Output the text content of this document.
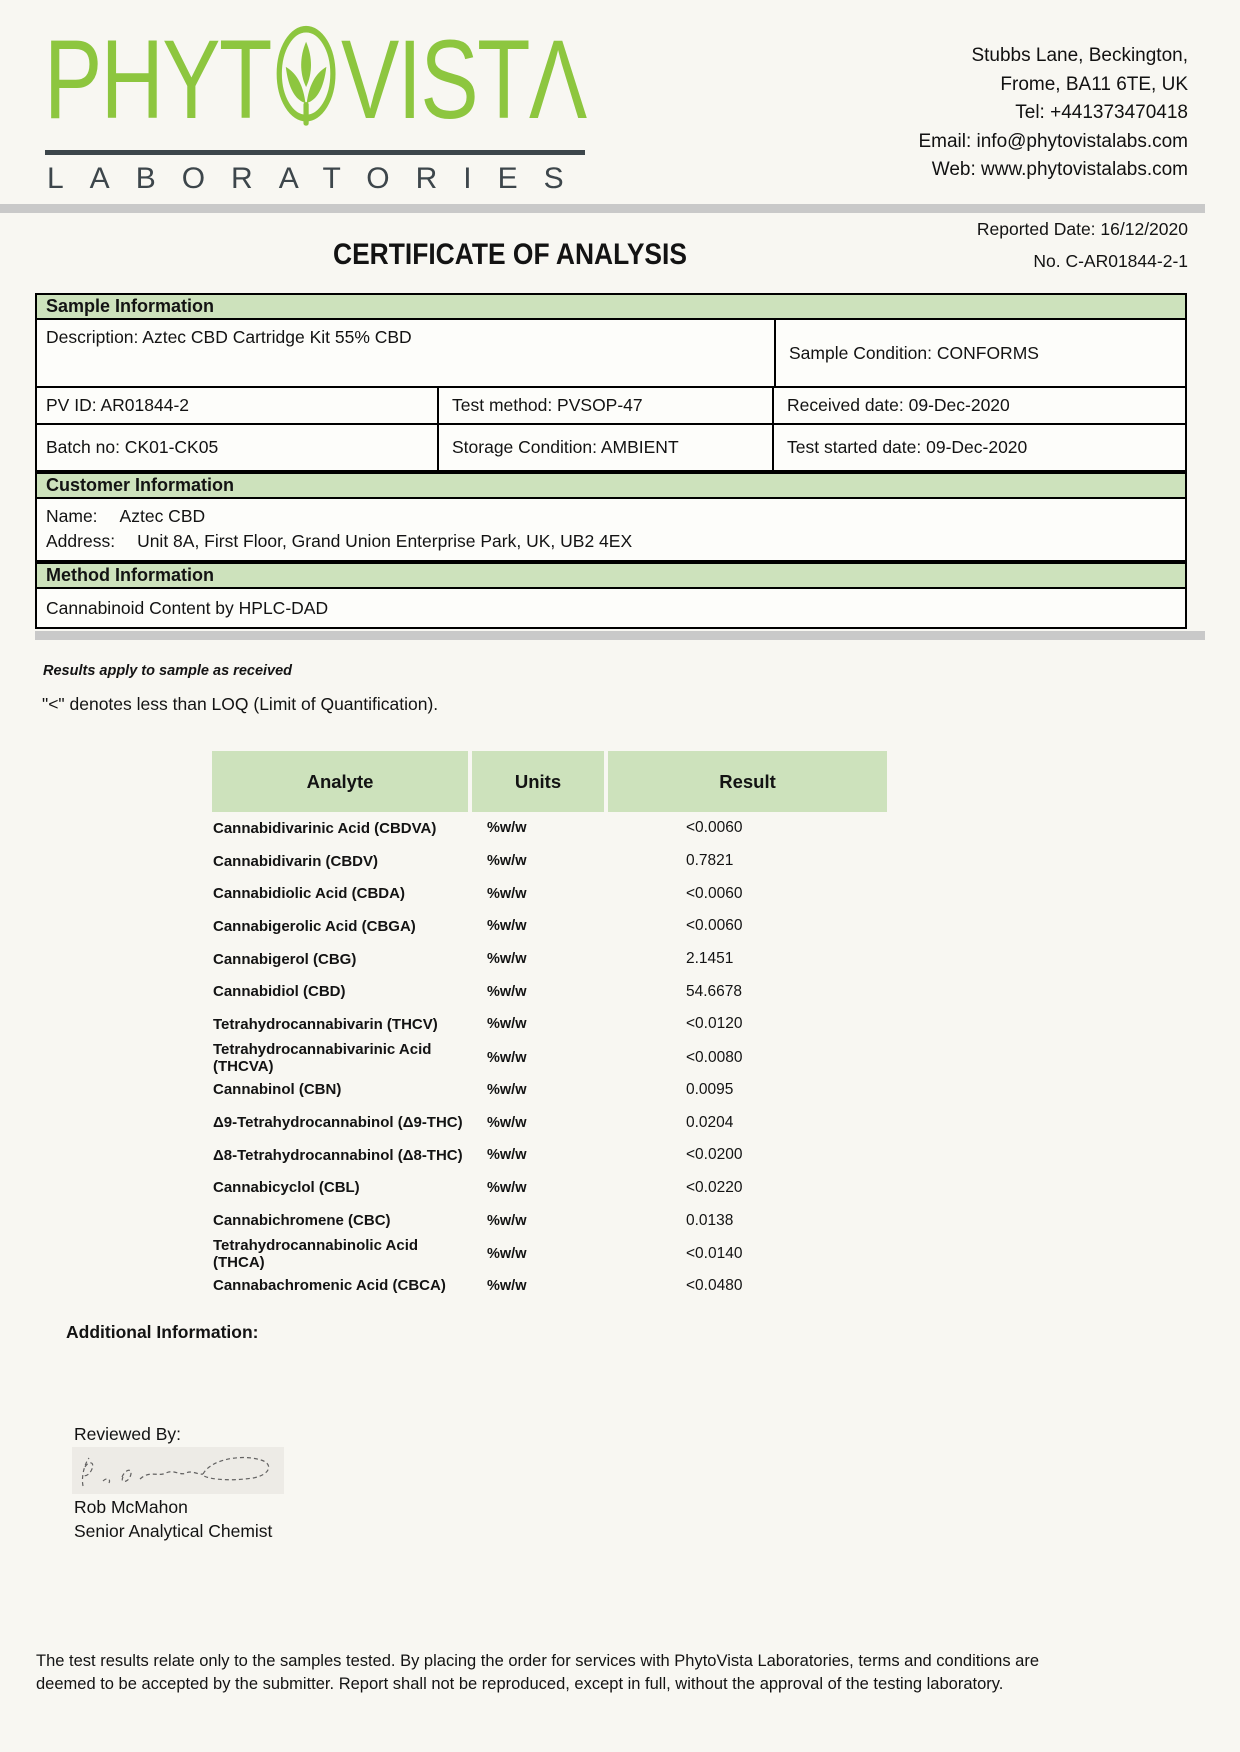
PHYT VISTΛ
LABORATORIES
Stubbs Lane, Beckington,
Frome, BA11 6TE, UK
Tel: +441373470418
Email: info@phytovistalabs.com
Web: www.phytovistalabs.com
Reported Date: 16/12/2020
CERTIFICATE OF ANALYSIS	No. C-AR01844-2-1
Sample Information
Description: Aztec CBD Cartridge Kit 55% CBD
Sample Condition: CONFORMS
PV ID: AR01844-2	Test method: PVSOP-47	Received date: 09-Dec-2020
Batch no: CK01-CK05	Storage Condition: AMBIENT	Test started date: 09-Dec-2020
Customer Information
Name: Aztec CBD
Address: Unit 8A, First Floor, Grand Union Enterprise Park, UK, UB2 4EX
Method Information
Cannabinoid Content by HPLC-DAD
Results apply to sample as received
"<" denotes less than LOQ (Limit of Quantification).
Analyte	Units	Result
Cannabidivarinic Acid (CBDVA)	%w/w	<0.0060
Cannabidivarin (CBDV)	%w/w	0.7821
Cannabidiolic Acid (CBDA)	%w/w	<0.0060
Cannabigerolic Acid (CBGA)	%w/w	<0.0060
Cannabigerol (CBG)	%w/w	2.1451
Cannabidiol (CBD)	%w/w	54.6678
Tetrahydrocannabivarin (THCV)	%w/w	<0.0120
Tetrahydrocannabivarinic Acid (THCVA)	%w/w	<0.0080
Cannabinol (CBN)	%w/w	0.0095
Δ9-Tetrahydrocannabinol (Δ9-THC)	%w/w	0.0204
Δ8-Tetrahydrocannabinol (Δ8-THC)	%w/w	<0.0200
Cannabicyclol (CBL)	%w/w	<0.0220
Cannabichromene (CBC)	%w/w	0.0138
Tetrahydrocannabinolic Acid (THCA)	%w/w	<0.0140
Cannabachromenic Acid (CBCA)	%w/w	<0.0480
Additional Information:
Reviewed By:
Rob McMahon
Senior Analytical Chemist
The test results relate only to the samples tested. By placing the order for services with PhytoVista Laboratories, terms and conditions are
deemed to be accepted by the submitter. Report shall not be reproduced, except in full, without the approval of the testing laboratory.
